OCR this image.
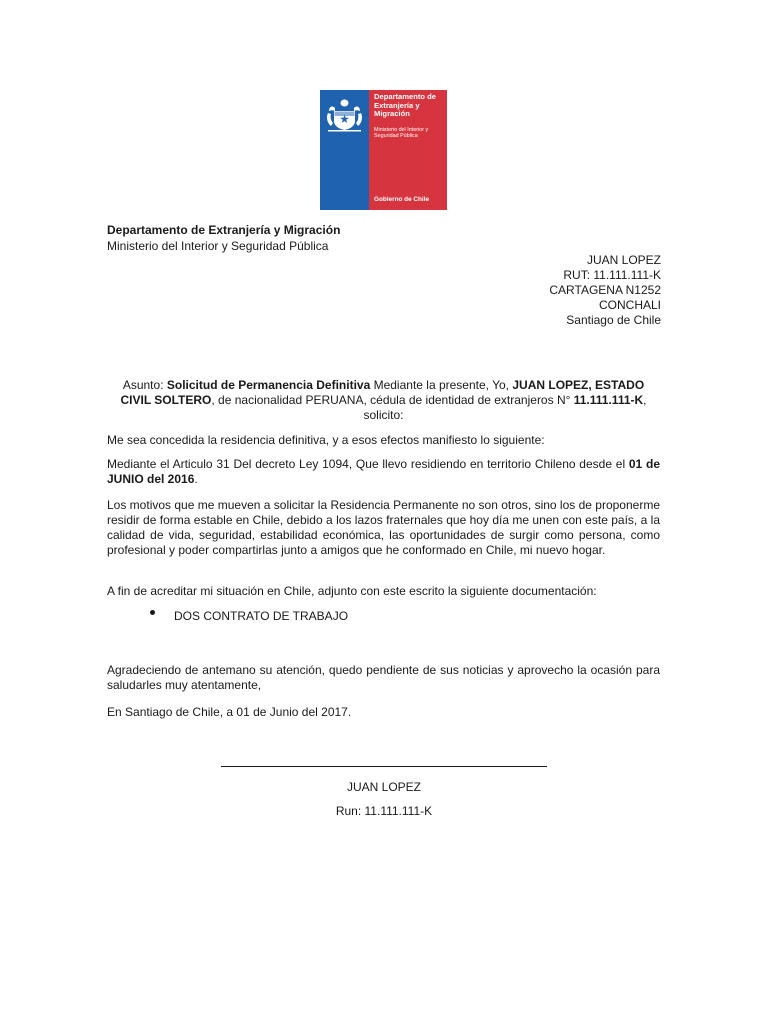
Departamento de Extranjería y Migración
Ministerio del Interior y Seguridad Pública
Gobierno de Chile
Departamento de Extranjería y Migración
Ministerio del Interior y Seguridad Pública
JUAN LOPEZ
RUT: 11.111.111-K
CARTAGENA N1252
CONCHALI
Santiago de Chile
Asunto: Solicitud de Permanencia Definitiva Mediante la presente, Yo, JUAN LOPEZ, ESTADO CIVIL SOLTERO, de nacionalidad PERUANA, cédula de identidad de extranjeros N° 11.111.111-K, solicito:
Me sea concedida la residencia definitiva, y a esos efectos manifiesto lo siguiente:
Mediante el Articulo 31 Del decreto Ley 1094, Que llevo residiendo en territorio Chileno desde el 01 de JUNIO del 2016.
Los motivos que me mueven a solicitar la Residencia Permanente no son otros, sino los de proponerme residir de forma estable en Chile, debido a los lazos fraternales que hoy día me unen con este país, a la calidad de vida, seguridad, estabilidad económica, las oportunidades de surgir como persona, como profesional y poder compartirlas junto a amigos que he conformado en Chile, mi nuevo hogar.
A fin de acreditar mi situación en Chile, adjunto con este escrito la siguiente documentación:
DOS CONTRATO DE TRABAJO
Agradeciendo de antemano su atención, quedo pendiente de sus noticias y aprovecho la ocasión para saludarles muy atentamente,
En Santiago de Chile, a 01 de Junio del 2017.
JUAN LOPEZ
Run: 11.111.111-K
